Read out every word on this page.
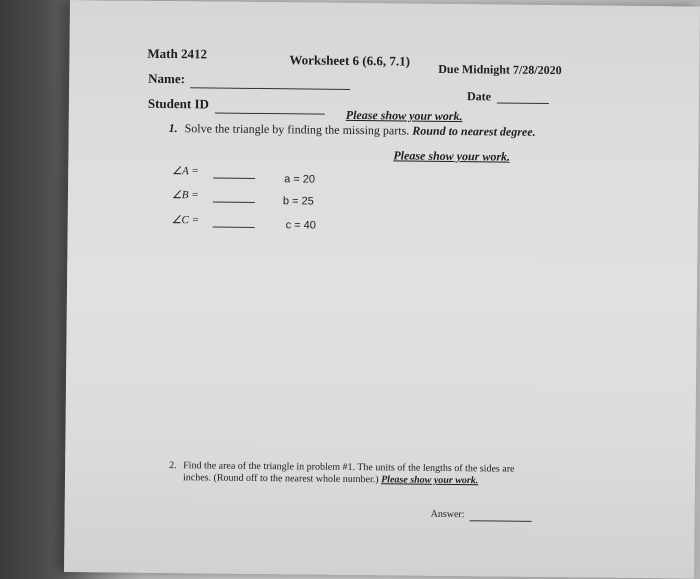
Math 2412	Worksheet 6 (6.6, 7.1)
Due Midnight 7/28/2020
Name:
Date
Student ID
Please show your work.
1. Solve the triangle by finding the missing parts. Round to nearest degree.
Please show your work.
∠A =
a = 20
∠B =
b = 25
∠C =	c = 40
2. Find the area of the triangle in problem #1. The units of the lengths of the sides are
inches. (Round off to the nearest whole number.) Please show your work.
Answer:
